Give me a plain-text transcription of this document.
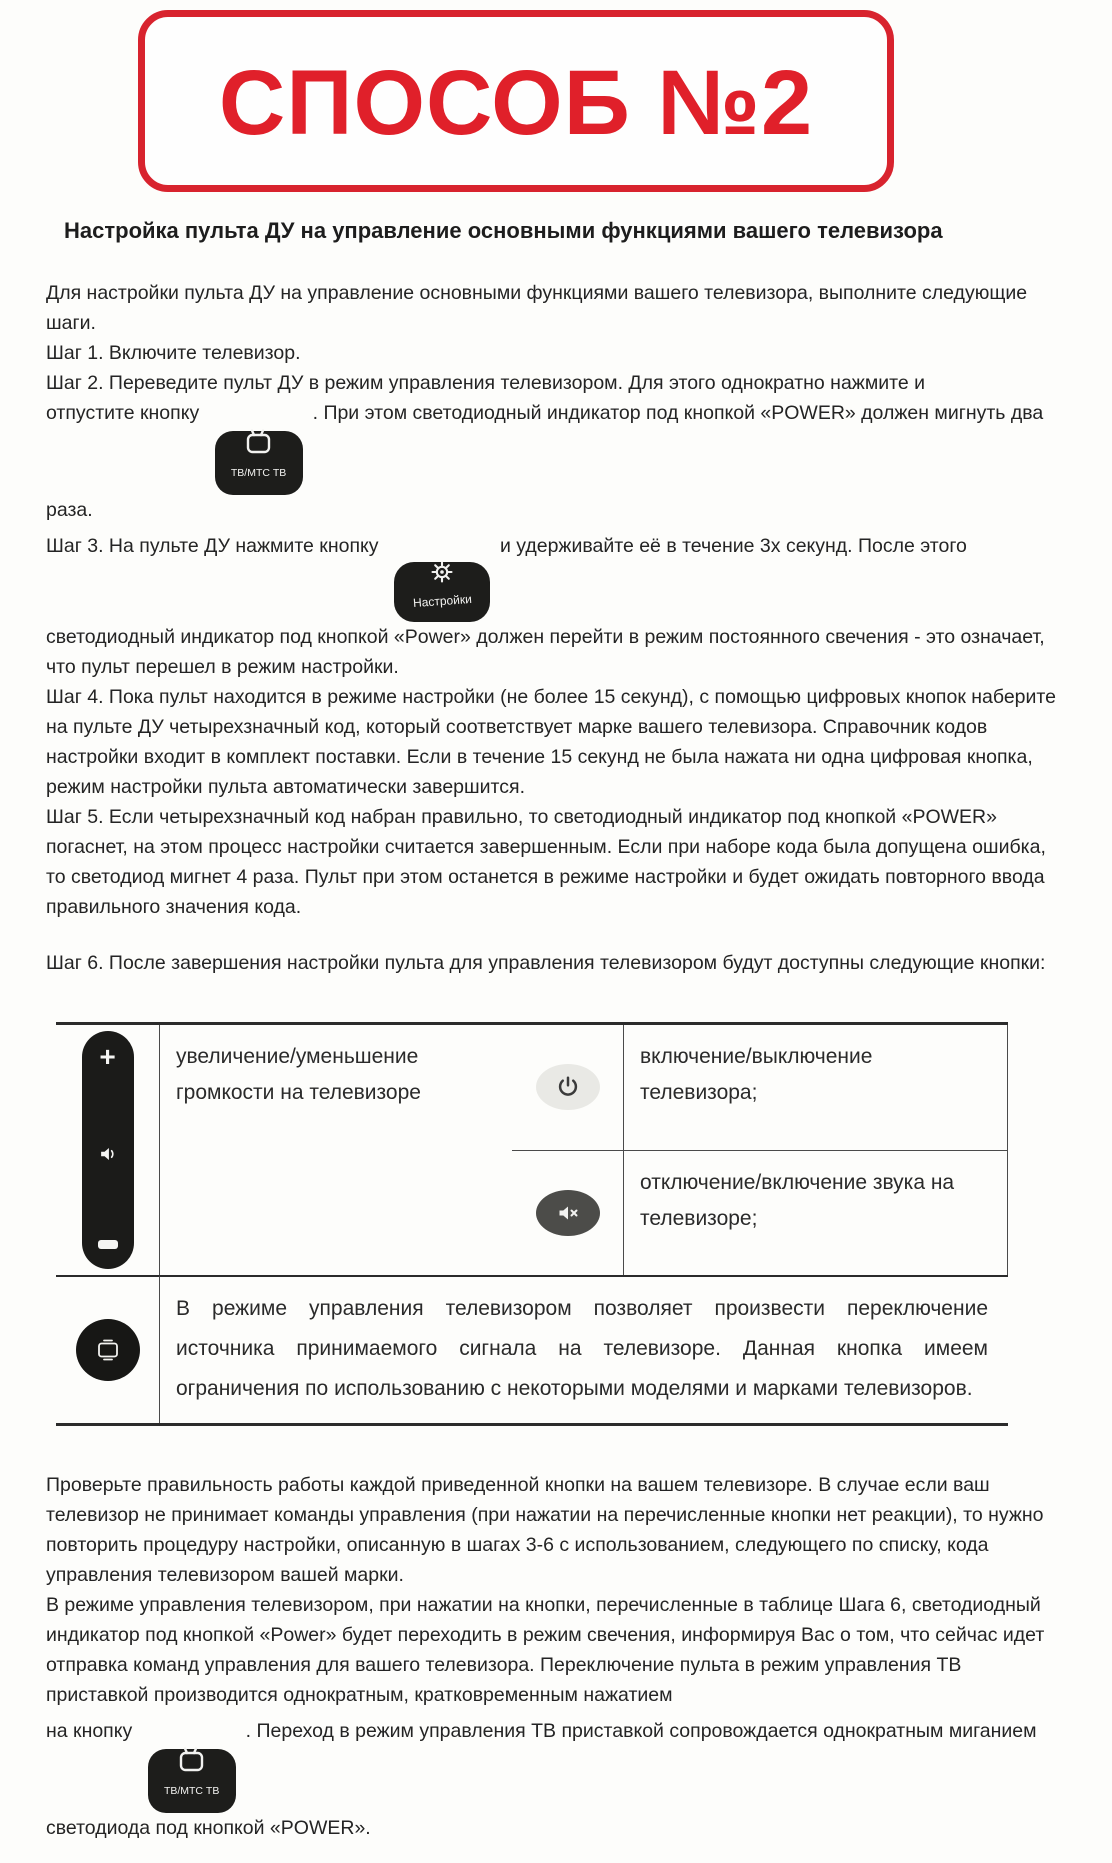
СПОСОБ №2
Настройка пульта ДУ на управление основными функциями вашего телевизора

Для настройки пульта ДУ на управление основными функциями вашего телевизора, выполните следующие шаги.

Шаг 1. Включите телевизор.

Шаг 2. Переведите пульт ДУ в режим управления телевизором. Для этого однократно нажмите и

отпустите кнопку
ТВ/МТС ТВ
. При этом светодиодный индикатор под кнопкой «POWER» должен мигнуть два раза.

Шаг 3. На пульте ДУ нажмите кнопку
Настройки
и удерживайте её в течение 3х секунд. После этого светодиодный индикатор под кнопкой «Power» должен перейти в режим постоянного свечения - это означает, что пульт перешел в режим настройки.

Шаг 4. Пока пульт находится в режиме настройки (не более 15 секунд), с помощью цифровых кнопок наберите на пульте ДУ четырехзначный код, который соответствует марке вашего телевизора. Справочник кодов настройки входит в комплект поставки. Если в течение 15 секунд не была нажата ни одна цифровая кнопка, режим настройки пульта автоматически завершится.

Шаг 5. Если четырехзначный код набран правильно, то светодиодный индикатор под кнопкой «POWER» погаснет, на этом процесс настройки считается завершенным. Если при наборе кода была допущена ошибка, то светодиод мигнет 4 раза. Пульт при этом останется в режиме настройки и будет ожидать повторного ввода правильного значения кода.

Шаг 6. После завершения настройки пульта для управления телевизором будут доступны следующие кнопки:

включение/выключение телевизора;
+	увеличение/уменьшение громкости на телевизоре
отключение/включение звука на телевизоре;
В режиме управления телевизором позволяет произвести переключение источника принимаемого сигнала на телевизоре. Данная кнопка имеем ограничения по использованию с некоторыми моделями и марками телевизоров.

Проверьте правильность работы каждой приведенной кнопки на вашем телевизоре. В случае если ваш телевизор не принимает команды управления (при нажатии на перечисленные кнопки нет реакции), то нужно повторить процедуру настройки, описанную в шагах 3-6 с использованием, следующего по списку, кода управления телевизором вашей марки.

В режиме управления телевизором, при нажатии на кнопки, перечисленные в таблице Шага 6, светодиодный индикатор под кнопкой «Power» будет переходить в режим свечения, информируя Вас о том, что сейчас идет отправка команд управления для вашего телевизора. Переключение пульта в режим управления ТВ приставкой производится однократным, кратковременным нажатием

на кнопку
ТВ/МТС ТВ
. Переход в режим управления ТВ приставкой сопровождается однократным миганием светодиода под кнопкой «POWER».
